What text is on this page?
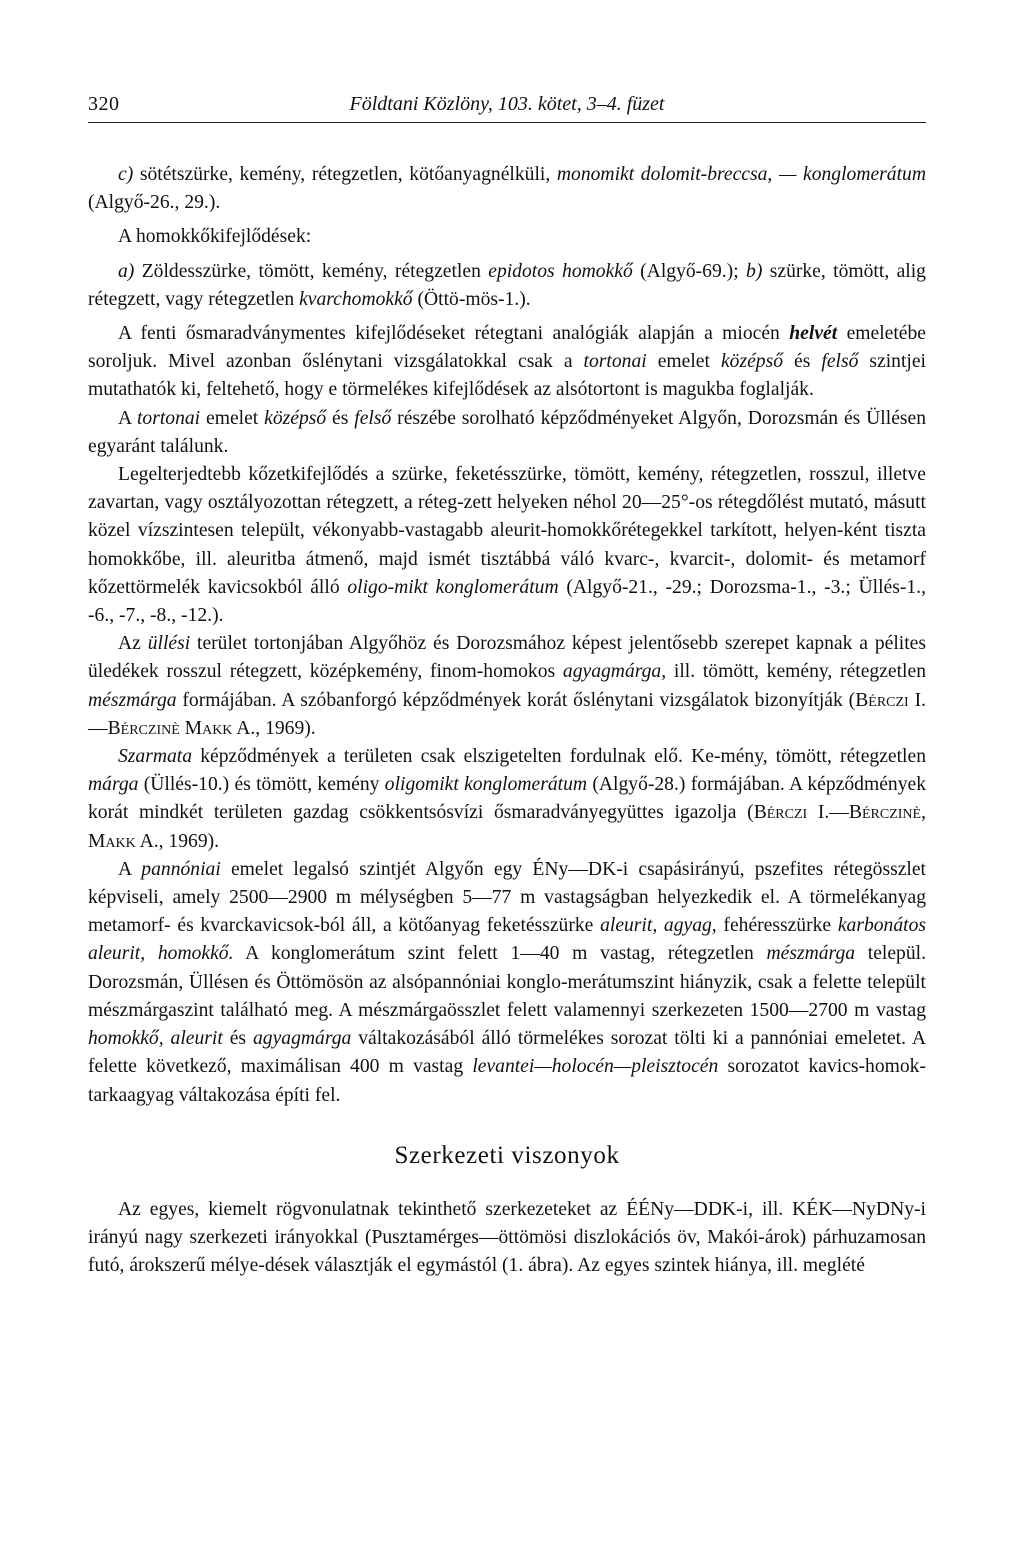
320	Földtani Közlöny, 103. kötet, 3–4. füzet

c) sötétszürke, kemény, rétegzetlen, kötőanyagnélküli, monomikt dolomit-breccsa, — konglomerátum (Algyő-26., 29.).

A homokkőkifejlődések:

a) Zöldesszürke, tömött, kemény, rétegzetlen epidotos homokkő (Algyő-69.); b) szürke, tömött, alig rétegzett, vagy rétegzetlen kvarchomokkő (Öttö-mös-1.).

A fenti ősmaradványmentes kifejlődéseket rétegtani analógiák alapján a miocén helvét emeletébe soroljuk. Mivel azonban őslénytani vizsgálatokkal csak a tortonai emelet középső és felső szintjei mutathatók ki, feltehető, hogy e törmelékes kifejlődések az alsótortont is magukba foglalják.

A tortonai emelet középső és felső részébe sorolható képződményeket Algyőn, Dorozsmán és Üllésen egyaránt találunk.

Legelterjedtebb kőzetkifejlődés a szürke, feketésszürke, tömött, kemény, rétegzetlen, rosszul, illetve zavartan, vagy osztályozottan rétegzett, a réteg-zett helyeken néhol 20—25°-os rétegdőlést mutató, másutt közel vízszintesen települt, vékonyabb-vastagabb aleurit-homokkőrétegekkel tarkított, helyen-ként tiszta homokkőbe, ill. aleuritba átmenő, majd ismét tisztábbá váló kvarc-, kvarcit-, dolomit- és metamorf kőzettörmelék kavicsokból álló oligo-mikt konglomerátum (Algyő-21., -29.; Dorozsma-1., -3.; Üllés-1., -6., -7., -8., -12.).

Az üllési terület tortonjában Algyőhöz és Dorozsmához képest jelentősebb szerepet kapnak a pélites üledékek rosszul rétegzett, középkemény, finom-homokos agyagmárga, ill. tömött, kemény, rétegzetlen mészmárga formájában. A szóbanforgó képződmények korát őslénytani vizsgálatok bizonyítják (Bérczi I.—Bérczinè Makk A., 1969).

Szarmata képződmények a területen csak elszigetelten fordulnak elő. Ke-mény, tömött, rétegzetlen márga (Üllés-10.) és tömött, kemény oligomikt konglomerátum (Algyő-28.) formájában. A képződmények korát mindkét területen gazdag csökkentsósvízi ősmaradványegyüttes igazolja (Bérczi I.—Bérczinè, Makk A., 1969).

A pannóniai emelet legalsó szintjét Algyőn egy ÉNy—DK-i csapásirányú, pszefites rétegösszlet képviseli, amely 2500—2900 m mélységben 5—77 m vastagságban helyezkedik el. A törmelékanyag metamorf- és kvarckavicsok-ból áll, a kötőanyag feketésszürke aleurit, agyag, fehéresszürke karbonátos aleurit, homokkő. A konglomerátum szint felett 1—40 m vastag, rétegzetlen mészmárga települ. Dorozsmán, Üllésen és Öttömösön az alsópannóniai konglo-merátumszint hiányzik, csak a felette települt mészmárgaszint található meg. A mészmárgaösszlet felett valamennyi szerkezeten 1500—2700 m vastag homokkő, aleurit és agyagmárga váltakozásából álló törmelékes sorozat tölti ki a pannóniai emeletet. A felette következő, maximálisan 400 m vastag levantei—holocén—pleisztocén sorozatot kavics-homok-tarkaagyag váltakozása építi fel.

Szerkezeti viszonyok

Az egyes, kiemelt rögvonulatnak tekinthető szerkezeteket az ÉÉNy—DDK-i, ill. KÉK—NyDNy-i irányú nagy szerkezeti irányokkal (Pusztamérges—öttömösi diszlokációs öv, Makói-árok) párhuzamosan futó, árokszerű mélye-dések választják el egymástól (1. ábra). Az egyes szintek hiánya, ill. meglété
